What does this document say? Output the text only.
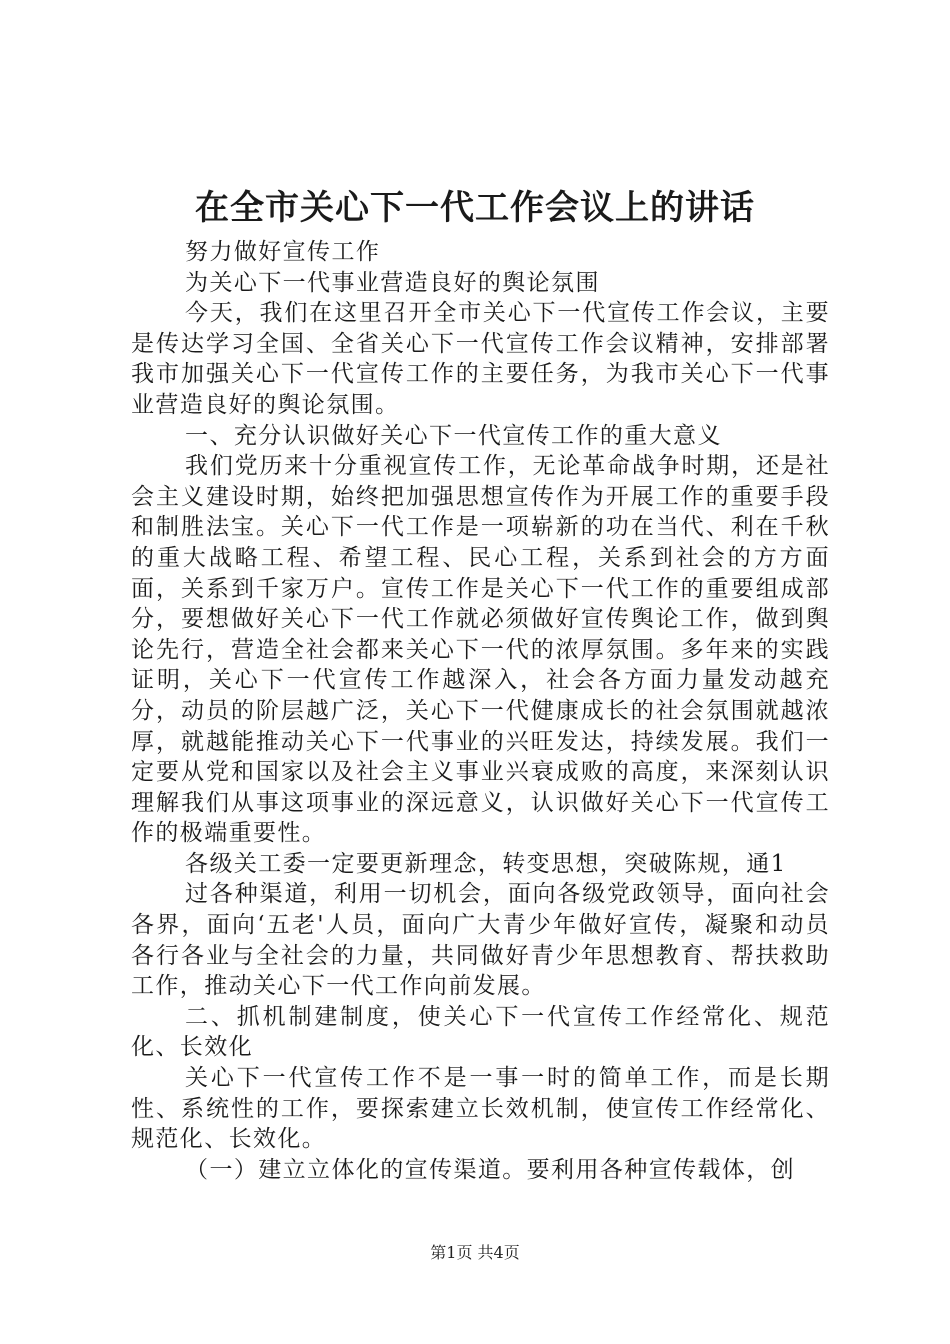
在全市关心下一代工作会议上的讲话

努力做好宣传工作

为关心下一代事业营造良好的舆论氛围

今天，我们在这里召开全市关心下一代宣传工作会议，主要是传达学习全国、全省关心下一代宣传工作会议精神，安排部署我市加强关心下一代宣传工作的主要任务，为我市关心下一代事业营造良好的舆论氛围。

一、充分认识做好关心下一代宣传工作的重大意义

我们党历来十分重视宣传工作，无论革命战争时期，还是社会主义建设时期，始终把加强思想宣传作为开展工作的重要手段和制胜法宝。关心下一代工作是一项崭新的功在当代、利在千秋的重大战略工程、希望工程、民心工程，关系到社会的方方面面，关系到千家万户。宣传工作是关心下一代工作的重要组成部分，要想做好关心下一代工作就必须做好宣传舆论工作，做到舆论先行，营造全社会都来关心下一代的浓厚氛围。多年来的实践证明，关心下一代宣传工作越深入，社会各方面力量发动越充分，动员的阶层越广泛，关心下一代健康成长的社会氛围就越浓厚，就越能推动关心下一代事业的兴旺发达，持续发展。我们一定要从党和国家以及社会主义事业兴衰成败的高度，来深刻认识理解我们从事这项事业的深远意义，认识做好关心下一代宣传工作的极端重要性。

各级关工委一定要更新理念，转变思想，突破陈规，通1

过各种渠道，利用一切机会，面向各级党政领导，面向社会各界，面向‘五老'人员，面向广大青少年做好宣传，凝聚和动员各行各业与全社会的力量，共同做好青少年思想教育、帮扶救助工作，推动关心下一代工作向前发展。

二、抓机制建制度，使关心下一代宣传工作经常化、规范化、长效化

关心下一代宣传工作不是一事一时的简单工作，而是长期性、系统性的工作，要探索建立长效机制，使宣传工作经常化、规范化、长效化。

（一）建立立体化的宣传渠道。要利用各种宣传载体，创

第1页 共4页
